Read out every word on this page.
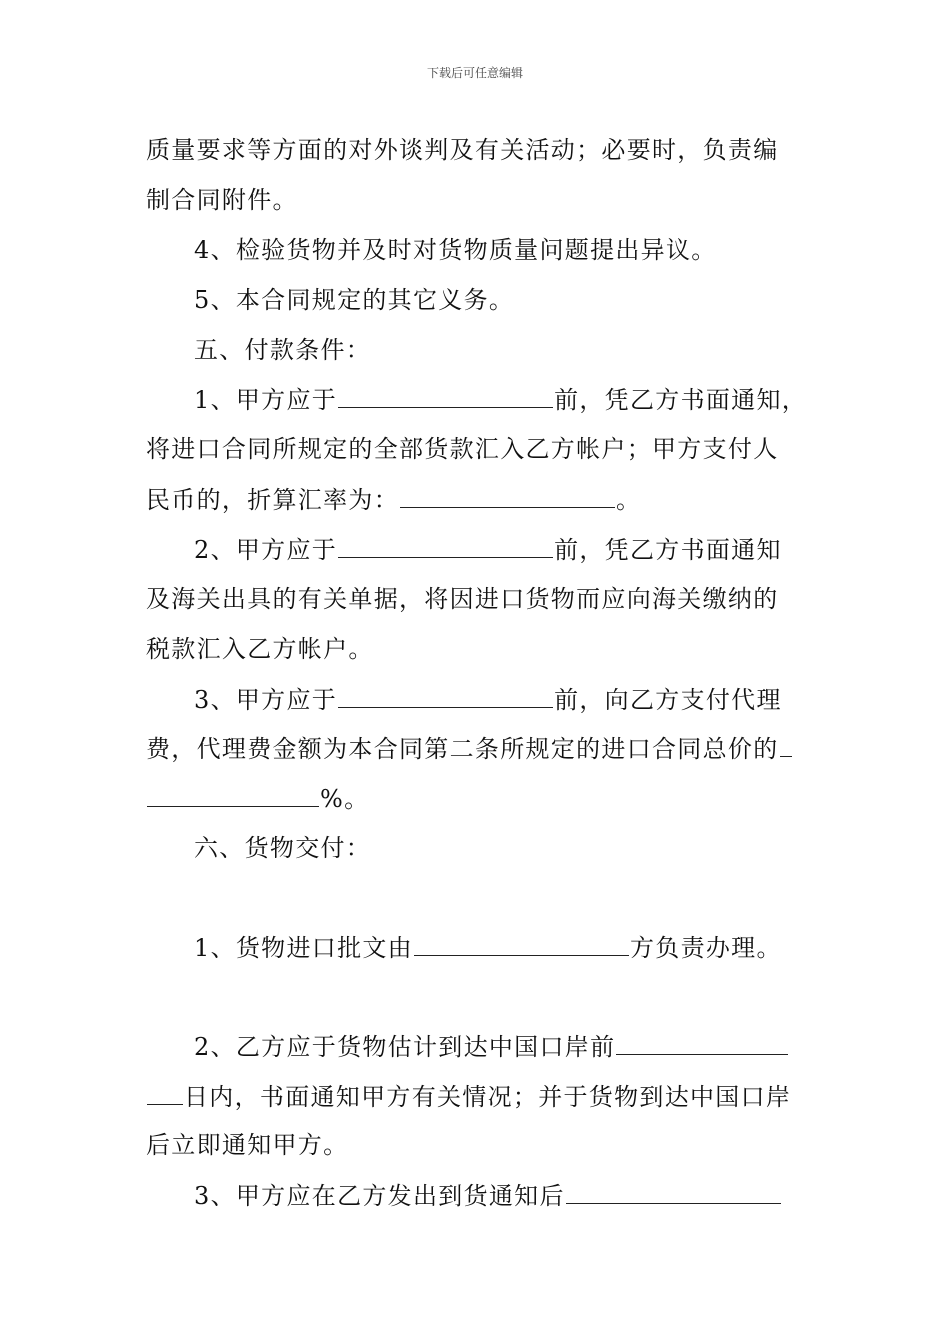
下载后可任意编辑
质量要求等方面的对外谈判及有关活动；必要时，负责编
制合同附件。
4、检验货物并及时对货物质量问题提出异议。
5、本合同规定的其它义务。
五、付款条件：
1、甲方应于	前，凭乙方书面通知，
将进口合同所规定的全部货款汇入乙方帐户；甲方支付人
民币的，折算汇率为：	。
2、甲方应于	前，凭乙方书面通知
及海关出具的有关单据，将因进口货物而应向海关缴纳的
税款汇入乙方帐户。
3、甲方应于	前，向乙方支付代理
费，代理费金额为本合同第二条所规定的进口合同总价的
%。
六、货物交付：
1、货物进口批文由	方负责办理。
2、乙方应于货物估计到达中国口岸前
日内，书面通知甲方有关情况；并于货物到达中国口岸
后立即通知甲方。
3、甲方应在乙方发出到货通知后
